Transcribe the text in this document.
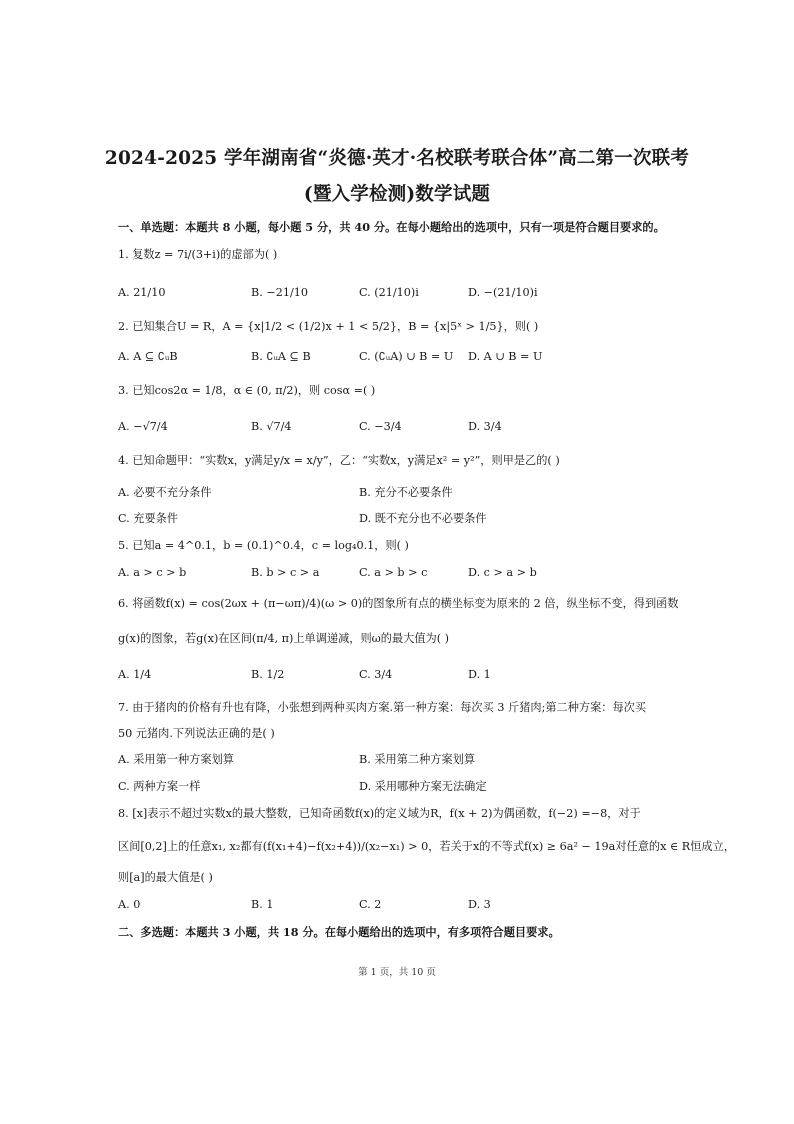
2024-2025 学年湖南省“炎德·英才·名校联考联合体”高二第一次联考
(暨入学检测)数学试题
一、单选题：本题共 8 小题，每小题 5 分，共 40 分。在每小题给出的选项中，只有一项是符合题目要求的。
1. 复数z = 7i/(3+i)的虚部为( )
A. 21/10	B. −21/10	C. (21/10)i	D. −(21/10)i
2. 已知集合U = R，A = {x|1/2 < (1/2)x + 1 < 5/2}，B = {x|5ˣ > 1/5}，则( )
A. A ⊆ ∁ᵤB	B. ∁ᵤA ⊆ B	C. (∁ᵤA) ∪ B = U D. A ∪ B = U
3. 已知cos2α = 1/8，α ∈ (0, π/2)，则 cosα =( )
A. −√7/4	B. √7/4	C. −3/4	D. 3/4
4. 已知命题甲：“实数x，y满足y/x = x/y”，乙：“实数x，y满足x² = y²”，则甲是乙的( )
A. 必要不充分条件	B. 充分不必要条件
C. 充要条件	D. 既不充分也不必要条件
5. 已知a = 4^0.1，b = (0.1)^0.4，c = log₄0.1，则( )
A. a > c > b	B. b > c > a	C. a > b > c	D. c > a > b
6. 将函数f(x) = cos(2ωx + (π−ωπ)/4)(ω > 0)的图象所有点的横坐标变为原来的 2 倍，纵坐标不变，得到函数
g(x)的图象，若g(x)在区间(π/4, π)上单调递减，则ω的最大值为( )
A. 1/4	B. 1/2	C. 3/4	D. 1
7. 由于猪肉的价格有升也有降，小张想到两种买肉方案.第一种方案：每次买 3 斤猪肉;第二种方案：每次买
50 元猪肉.下列说法正确的是( )
A. 采用第一种方案划算	B. 采用第二种方案划算
C. 两种方案一样	D. 采用哪种方案无法确定
8. [x]表示不超过实数x的最大整数，已知奇函数f(x)的定义域为R，f(x + 2)为偶函数，f(−2) =−8，对于
区间[0,2]上的任意x₁, x₂都有(f(x₁+4)−f(x₂+4))/(x₂−x₁) > 0，若关于x的不等式f(x) ≥ 6a² − 19a对任意的x ∈ R恒成立，
则[a]的最大值是( )
A. 0	B. 1	C. 2	D. 3
二、多选题：本题共 3 小题，共 18 分。在每小题给出的选项中，有多项符合题目要求。
第 1 页，共 10 页
